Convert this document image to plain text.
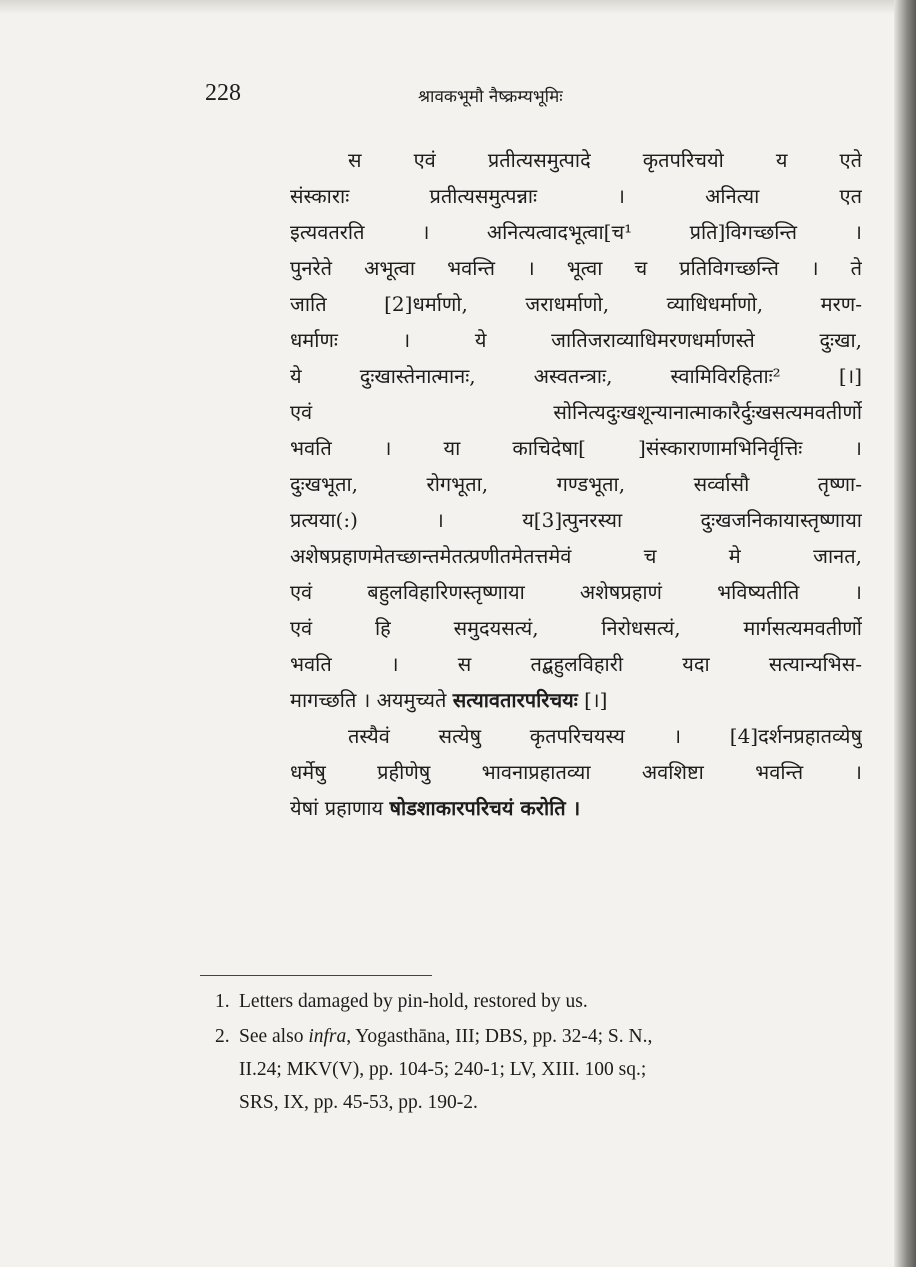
228	श्रावकभूमौ नैष्क्रम्यभूमिः
स एवं प्रतीत्यसमुत्पादे कृतपरिचयो य एते
संस्काराः प्रतीत्यसमुत्पन्नाः । अनित्या एत
इत्यवतरति । अनित्यत्वादभूत्वा[च¹ प्रति]विगच्छन्ति ।
पुनरेते अभूत्वा भवन्ति । भूत्वा च प्रतिविगच्छन्ति । ते
जाति [2]धर्माणो, जराधर्माणो, व्याधिधर्माणो, मरण-
धर्माणः । ये जातिजराव्याधिमरणधर्माणस्ते दुःखा,
ये दुःखास्तेनात्मानः, अस्वतन्त्राः, स्वामिविरहिताः² [।]
एवं सोनित्यदुःखशून्यानात्माकारैर्दुःखसत्यमवतीर्णो
भवति । या काचिदेषा[ ]संस्काराणामभिनिर्वृत्तिः ।
दुःखभूता, रोगभूता, गण्डभूता, सर्व्वासौ तृष्णा-
प्रत्यया(:) । य[3]त्पुनरस्या दुःखजनिकायास्तृष्णाया
अशेषप्रहाणमेतच्छान्तमेतत्प्रणीतमेतत्तमेवं च मे जानत,
एवं बहुलविहारिणस्तृष्णाया अशेषप्रहाणं भविष्यतीति ।
एवं हि समुदयसत्यं, निरोधसत्यं, मार्गसत्यमवतीर्णो
भवति । स तद्बहुलविहारी यदा सत्यान्यभिस-
मागच्छति । अयमुच्यते सत्यावतारपरिचयः [।]
तस्यैवं सत्येषु कृतपरिचयस्य । [4]दर्शनप्रहातव्येषु
धर्मेषु प्रहीणेषु भावनाप्रहातव्या अवशिष्टा भवन्ति ।
येषां प्रहाणाय षोडशाकारपरिचयं करोति ।
1. Letters damaged by pin-hold, restored by us.
2. See also infra, Yogasthāna, III; DBS, pp. 32-4; S. N.,
II.24; MKV(V), pp. 104-5; 240-1; LV, XIII. 100 sq.;
SRS, IX, pp. 45-53, pp. 190-2.
